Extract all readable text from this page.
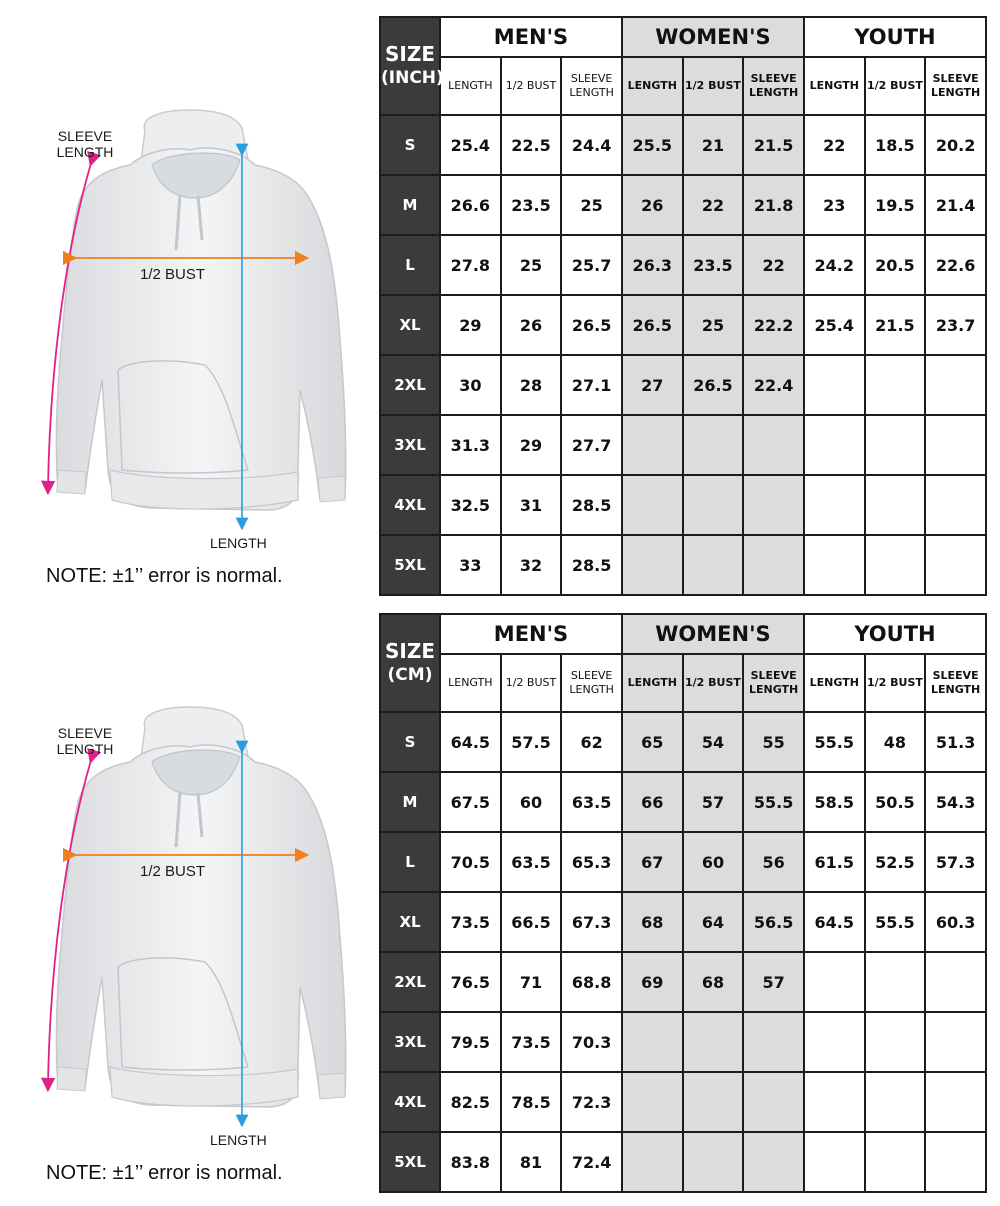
SLEEVE LENGTH
1/2 BUST
LENGTH
NOTE: ±1’’ error is normal.
SIZE
(INCH)	MEN'S			WOMEN'S			YOUTH		
	LENGTH	1/2 BUST	SLEEVE LENGTH	LENGTH	1/2 BUST	SLEEVE LENGTH	LENGTH	1/2 BUST	SLEEVE LENGTH
S	25.4	22.5	24.4	25.5	21	21.5	22	18.5	20.2
M	26.6	23.5	25	26	22	21.8	23	19.5	21.4
L	27.8	25	25.7	26.3	23.5	22	24.2	20.5	22.6
XL	29	26	26.5	26.5	25	22.2	25.4	21.5	23.7
2XL	30	28	27.1	27	26.5	22.4			
3XL	31.3	29	27.7						
4XL	32.5	31	28.5						
5XL	33	32	28.5						
SLEEVE LENGTH
1/2 BUST
LENGTH
NOTE: ±1’’ error is normal.
SIZE
(CM)	MEN'S			WOMEN'S			YOUTH		
	LENGTH	1/2 BUST	SLEEVE LENGTH	LENGTH	1/2 BUST	SLEEVE LENGTH	LENGTH	1/2 BUST	SLEEVE LENGTH
S	64.5	57.5	62	65	54	55	55.5	48	51.3
M	67.5	60	63.5	66	57	55.5	58.5	50.5	54.3
L	70.5	63.5	65.3	67	60	56	61.5	52.5	57.3
XL	73.5	66.5	67.3	68	64	56.5	64.5	55.5	60.3
2XL	76.5	71	68.8	69	68	57			
3XL	79.5	73.5	70.3						
4XL	82.5	78.5	72.3						
5XL	83.8	81	72.4						
